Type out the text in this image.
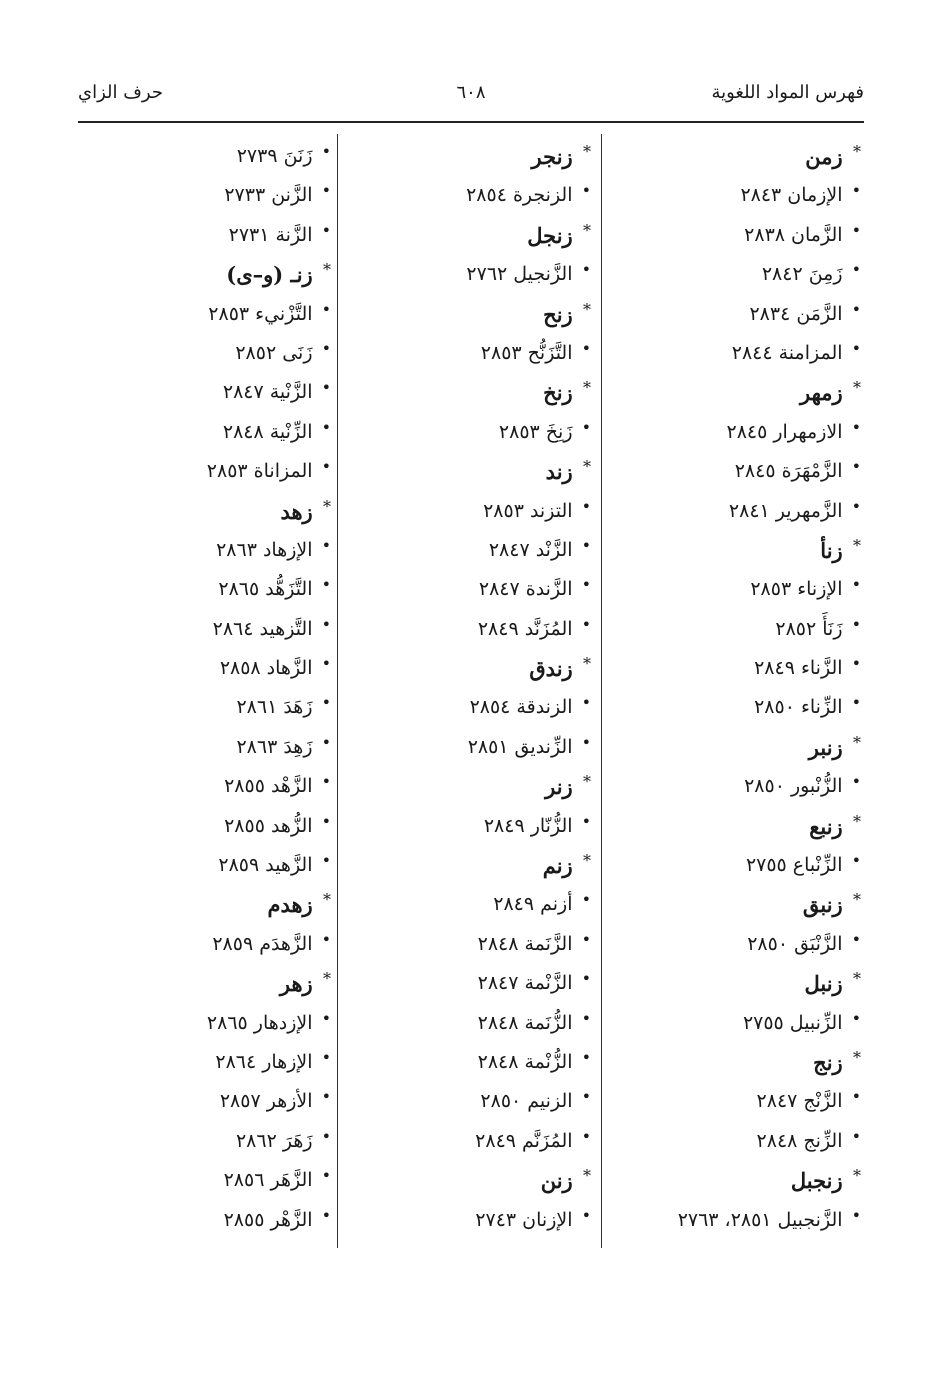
فهرس المواد اللغوية
٦٠٨
حرف الزاي
* زمن
• الإزمان ٢٨٤٣
• الزَّمان ٢٨٣٨
• زَمِنَ ٢٨٤٢
• الزَّمَن ٢٨٣٤
• المزامنة ٢٨٤٤
* زمهر
• الازمهرار ٢٨٤٥
• الزَّمْهَرَة ٢٨٤٥
• الزَّمهرير ٢٨٤١
* زنأ
• الإزناء ٢٨٥٣
• زَنَأَ ٢٨٥٢
• الزَّناء ٢٨٤٩
• الزِّناء ٢٨٥٠
* زنبر
• الزُّنْبور ٢٨٥٠
* زنبع
• الزِّنْباع ٢٧٥٥
* زنبق
• الزَّنْبَق ٢٨٥٠
* زنبل
• الزِّنبيل ٢٧٥٥
* زنج
• الزَّنْج ٢٨٤٧
• الزِّنج ٢٨٤٨
* زنجبل
• الزَّنجبيل ٢٨٥١، ٢٧٦٣
* زنجر
• الزنجرة ٢٨٥٤
* زنجل
• الزَّنجيل ٢٧٦٢
* زنح
• التَّزَنُّح ٢٨٥٣
* زنخ
• زَنِخَ ٢٨٥٣
* زند
• التزند ٢٨٥٣
• الزَّنْد ٢٨٤٧
• الزَّندة ٢٨٤٧
• المُزَنَّد ٢٨٤٩
* زندق
• الزندقة ٢٨٥٤
• الزِّنديق ٢٨٥١
* زنر
• الزُّنّار ٢٨٤٩
* زنم
• أزنم ٢٨٤٩
• الزَّنَمة ٢٨٤٨
• الزَّنْمة ٢٨٤٧
• الزُّنَمة ٢٨٤٨
• الزُّنْمة ٢٨٤٨
• الزنيم ٢٨٥٠
• المُزَنَّم ٢٨٤٩
* زنن
• الإزنان ٢٧٤٣
• زَنَنَ ٢٧٣٩
• الزَّنن ٢٧٣٣
• الزَّنة ٢٧٣١
* زنـ (و–ى)
• التَّزْنيء ٢٨٥٣
• زَنَى ٢٨٥٢
• الزَّنْية ٢٨٤٧
• الزِّنْية ٢٨٤٨
• المزاناة ٢٨٥٣
* زهد
• الإزهاد ٢٨٦٣
• التَّزَهُّد ٢٨٦٥
• التَّزهيد ٢٨٦٤
• الزَّهاد ٢٨٥٨
• زَهَدَ ٢٨٦١
• زَهِدَ ٢٨٦٣
• الزَّهْد ٢٨٥٥
• الزُّهد ٢٨٥٥
• الزَّهيد ٢٨٥٩
* زهدم
• الزَّهدَم ٢٨٥٩
* زهر
• الإزدهار ٢٨٦٥
• الإزهار ٢٨٦٤
• الأزهر ٢٨٥٧
• زَهَرَ ٢٨٦٢
• الزَّهَر ٢٨٥٦
• الزَّهْر ٢٨٥٥
